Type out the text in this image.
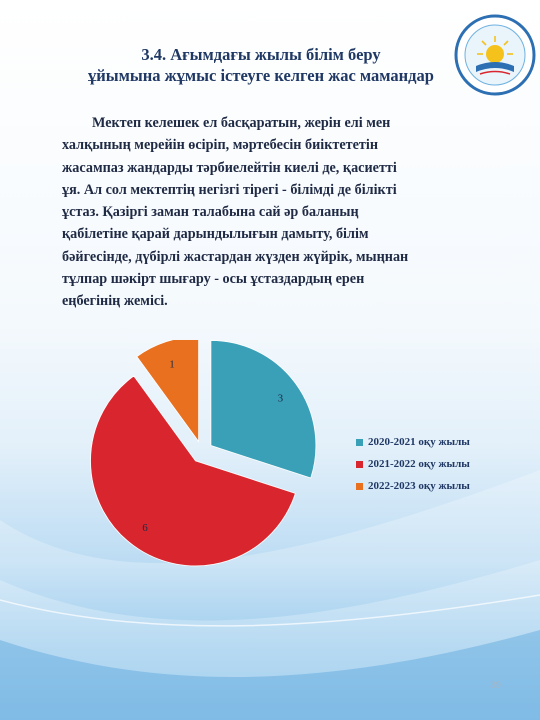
3.4. Ағымдағы жылы білім беру
ұйымына жұмыс істеуге келген жас мамандар
Мектеп келешек ел басқаратын, жерін елі мен
халқының мерейін өсіріп, мәртебесін биіктететін
жасампаз жандарды тәрбиелейтін киелі де, қасиетті
ұя. Ал сол мектептің негізгі тірегі - білімді де білікті
ұстаз. Қазіргі заман талабына сай әр баланың
қабілетіне қарай дарындылығын дамыту, білім
бәйгесінде, дүбірлі жастардан жүзден жүйрік, мыңнан
тұлпар шәкірт шығару - осы ұстаздардың ерен
еңбегінің жемісі.
3
6
1
2020-2021 оқу жылы
2021-2022 оқу жылы
2022-2023 оқу жылы
39
